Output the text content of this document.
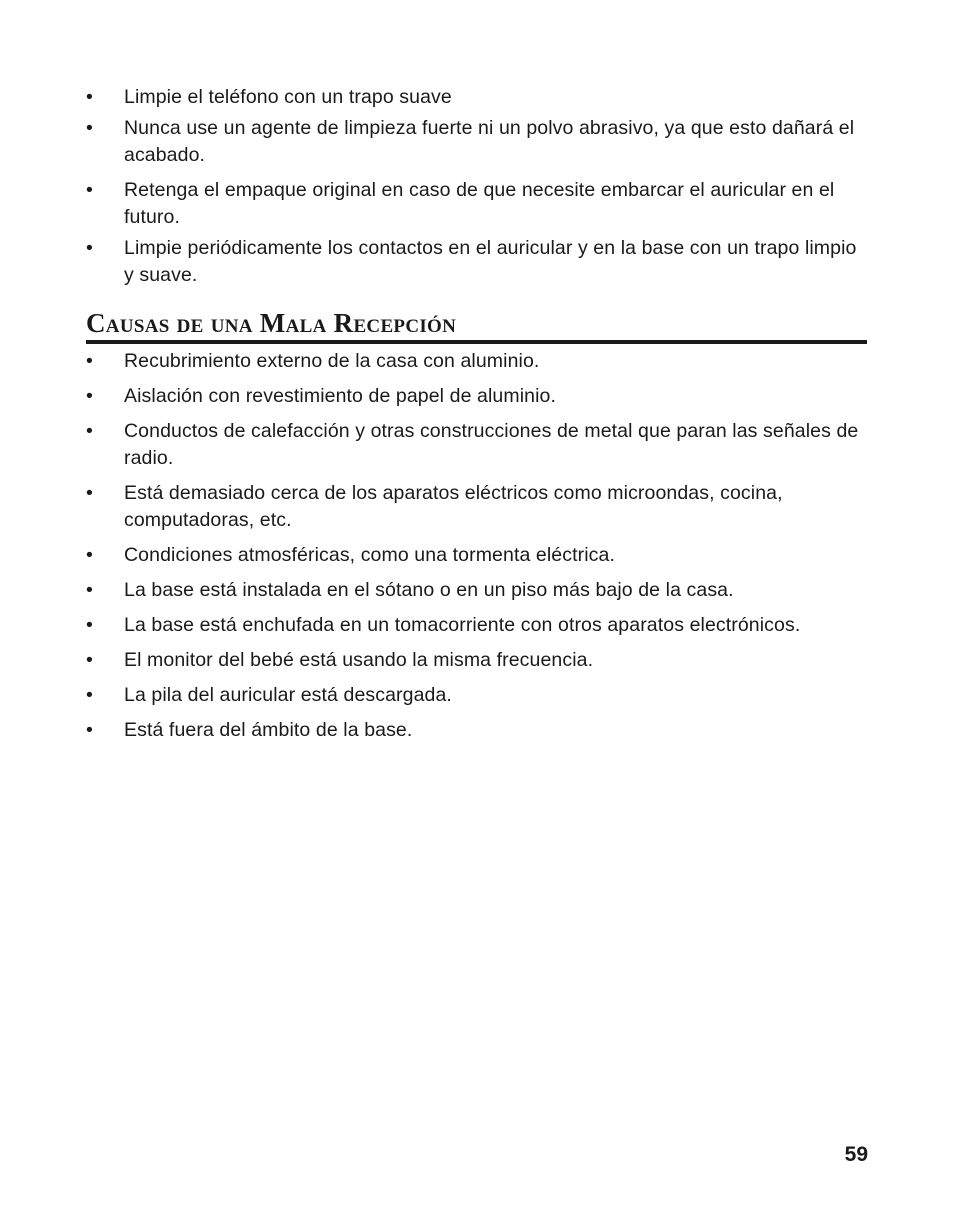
• Limpie el teléfono con un trapo suave
• Nunca use un agente de limpieza fuerte ni un polvo abrasivo, ya que esto dañará el acabado.
• Retenga el empaque original en caso de que necesite embarcar el auricular en el futuro.
• Limpie periódicamente los contactos en el auricular y en la base con un trapo limpio y suave.
Causas de una Mala Recepción
• Recubrimiento externo de la casa con aluminio.
• Aislación con revestimiento de papel de aluminio.
• Conductos de calefacción y otras construcciones de metal que paran las señales de radio.
• Está demasiado cerca de los aparatos eléctricos como microondas, cocina, computadoras, etc.
• Condiciones atmosféricas, como una tormenta eléctrica.
• La base está instalada en el sótano o en un piso más bajo de la casa.
• La base está enchufada en un tomacorriente con otros aparatos electrónicos.
• El monitor del bebé está usando la misma frecuencia.
• La pila del auricular está descargada.
• Está fuera del ámbito de la base.
59
